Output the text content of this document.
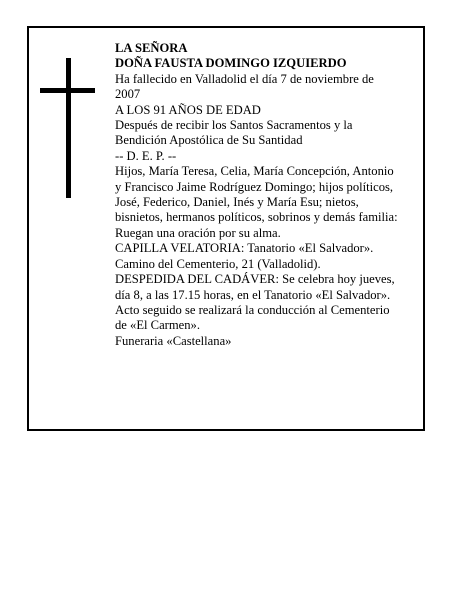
LA SEÑORA

DOÑA FAUSTA DOMINGO IZQUIERDO

Ha fallecido en Valladolid el día 7 de noviembre de

2007

A LOS 91 AÑOS DE EDAD

Después de recibir los Santos Sacramentos y la

Bendición Apostólica de Su Santidad

-- D. E. P. --

Hijos, María Teresa, Celia, María Concepción, Antonio

y Francisco Jaime Rodríguez Domingo; hijos políticos,

José, Federico, Daniel, Inés y María Esu; nietos,

bisnietos, hermanos políticos, sobrinos y demás familia:

Ruegan una oración por su alma.

CAPILLA VELATORIA: Tanatorio «El Salvador».

Camino del Cementerio, 21 (Valladolid).

DESPEDIDA DEL CADÁVER: Se celebra hoy jueves,

día 8, a las 17.15 horas, en el Tanatorio «El Salvador».

Acto seguido se realizará la conducción al Cementerio

de «El Carmen».

Funeraria «Castellana»
